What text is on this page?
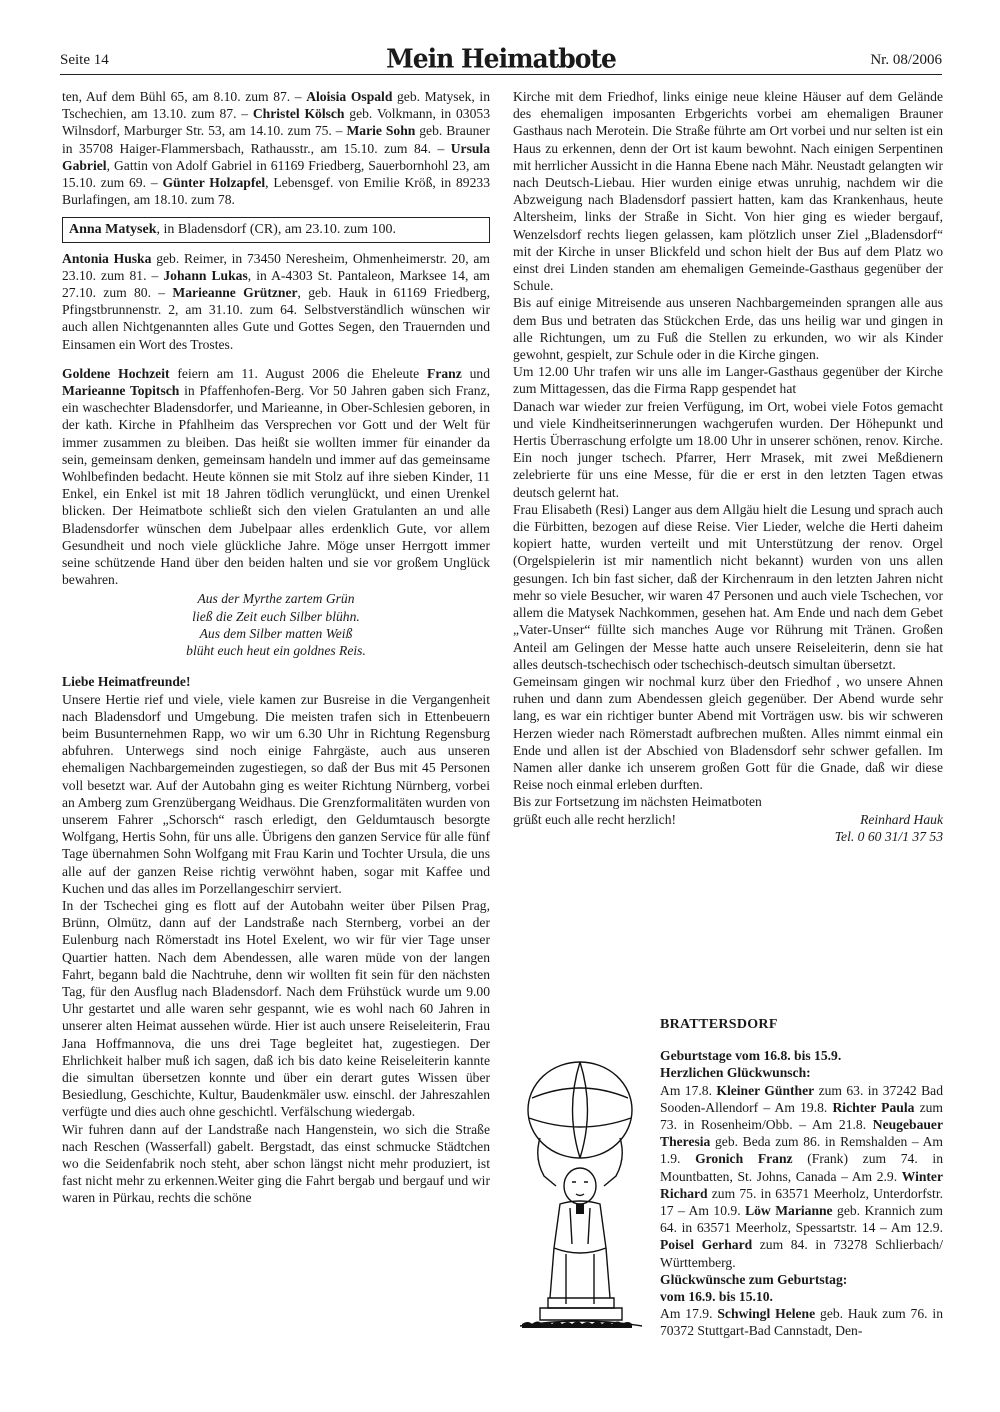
Seite 14	Mein Heimatbote	Nr. 08/2006

ten, Auf dem Bühl 65, am 8.10. zum 87. – Aloisia Ospald geb. Matysek, in Tschechien, am 13.10. zum 87. – Christel Kölsch geb. Volkmann, in 03053 Wilnsdorf, Marburger Str. 53, am 14.10. zum 75. – Marie Sohn geb. Brauner in 35708 Haiger-Flammersbach, Rathausstr., am 15.10. zum 84. – Ursula Gabriel, Gattin von Adolf Gabriel in 61169 Friedberg, Sauerbornhohl 23, am 15.10. zum 69. – Günter Holzapfel, Lebensgef. von Emilie Kröß, in 89233 Burlafingen, am 18.10. zum 78.

Anna Matysek, in Bladensdorf (CR), am 23.10. zum 100.

Antonia Huska geb. Reimer, in 73450 Neresheim, Ohmenheimerstr. 20, am 23.10. zum 81. – Johann Lukas, in A-4303 St. Pantaleon, Marksee 14, am 27.10. zum 80. – Marieanne Grützner, geb. Hauk in 61169 Friedberg, Pfingstbrunnenstr. 2, am 31.10. zum 64. Selbstverständlich wünschen wir auch allen Nichtgenannten alles Gute und Gottes Segen, den Trauernden und Einsamen ein Wort des Trostes.

Goldene Hochzeit feiern am 11. August 2006 die Eheleute Franz und Marieanne Topitsch in Pfaffenhofen-Berg. Vor 50 Jahren gaben sich Franz, ein waschechter Bladensdorfer, und Marieanne, in Ober-Schlesien geboren, in der kath. Kirche in Pfahlheim das Versprechen vor Gott und der Welt für immer zusammen zu bleiben. Das heißt sie wollten immer für einander da sein, gemeinsam denken, gemeinsam handeln und immer auf das gemeinsame Wohlbefinden bedacht. Heute können sie mit Stolz auf ihre sieben Kinder, 11 Enkel, ein Enkel ist mit 18 Jahren tödlich verunglückt, und einen Urenkel blicken. Der Heimatbote schließt sich den vielen Gratulanten an und alle Bladensdorfer wünschen dem Jubelpaar alles erdenklich Gute, vor allem Gesundheit und noch viele glückliche Jahre. Möge unser Herrgott immer seine schützende Hand über den beiden halten und sie vor großem Unglück bewahren.

Aus der Myrthe zartem Grün

ließ die Zeit euch Silber blühn.

Aus dem Silber matten Weiß

blüht euch heut ein goldnes Reis.

Liebe Heimatfreunde!

Unsere Hertie rief und viele, viele kamen zur Busreise in die Vergangenheit nach Bladensdorf und Umgebung. Die meisten trafen sich in Ettenbeuern beim Busunternehmen Rapp, wo wir um 6.30 Uhr in Richtung Regensburg abfuhren. Unterwegs sind noch einige Fahrgäste, auch aus unseren ehemaligen Nachbargemeinden zugestiegen, so daß der Bus mit 45 Personen voll besetzt war. Auf der Autobahn ging es weiter Richtung Nürnberg, vorbei an Amberg zum Grenzübergang Weidhaus. Die Grenzformalitäten wurden von unserem Fahrer „Schorsch“ rasch erledigt, den Geldumtausch besorgte Wolfgang, Hertis Sohn, für uns alle. Übrigens den ganzen Service für alle fünf Tage übernahmen Sohn Wolfgang mit Frau Karin und Tochter Ursula, die uns alle auf der ganzen Reise richtig verwöhnt haben, sogar mit Kaffee und Kuchen und das alles im Porzellangeschirr serviert.

In der Tschechei ging es flott auf der Autobahn weiter über Pilsen Prag, Brünn, Olmütz, dann auf der Landstraße nach Sternberg, vorbei an der Eulenburg nach Römerstadt ins Hotel Exelent, wo wir für vier Tage unser Quartier hatten. Nach dem Abendessen, alle waren müde von der langen Fahrt, begann bald die Nachtruhe, denn wir wollten fit sein für den nächsten Tag, für den Ausflug nach Bladensdorf. Nach dem Frühstück wurde um 9.00 Uhr gestartet und alle waren sehr gespannt, wie es wohl nach 60 Jahren in unserer alten Heimat aussehen würde. Hier ist auch unsere Reiseleiterin, Frau Jana Hoffmannova, die uns drei Tage begleitet hat, zugestiegen. Der Ehrlichkeit halber muß ich sagen, daß ich bis dato keine Reiseleiterin kannte die simultan übersetzen konnte und über ein derart gutes Wissen über Besiedlung, Geschichte, Kultur, Baudenkmäler usw. einschl. der Jahreszahlen verfügte und dies auch ohne geschichtl. Verfälschung wiedergab.

Wir fuhren dann auf der Landstraße nach Hangenstein, wo sich die Straße nach Reschen (Wasserfall) gabelt. Bergstadt, das einst schmucke Städtchen wo die Seidenfabrik noch steht, aber schon längst nicht mehr produziert, ist fast nicht mehr zu erkennen.Weiter ging die Fahrt bergab und bergauf und wir waren in Pürkau, rechts die schöne

Kirche mit dem Friedhof, links einige neue kleine Häuser auf dem Gelände des ehemaligen imposanten Erbgerichts vorbei am ehemaligen Brauner Gasthaus nach Merotein. Die Straße führte am Ort vorbei und nur selten ist ein Haus zu erkennen, denn der Ort ist kaum bewohnt. Nach einigen Serpentinen mit herrlicher Aussicht in die Hanna Ebene nach Mähr. Neustadt gelangten wir nach Deutsch-Liebau. Hier wurden einige etwas unruhig, nachdem wir die Abzweigung nach Bladensdorf passiert hatten, kam das Krankenhaus, heute Altersheim, links der Straße in Sicht. Von hier ging es wieder bergauf, Wenzelsdorf rechts liegen gelassen, kam plötzlich unser Ziel „Bladensdorf“ mit der Kirche in unser Blickfeld und schon hielt der Bus auf dem Platz wo einst drei Linden standen am ehemaligen Gemeinde-Gasthaus gegenüber der Schule.

Bis auf einige Mitreisende aus unseren Nachbargemeinden sprangen alle aus dem Bus und betraten das Stückchen Erde, das uns heilig war und gingen in alle Richtungen, um zu Fuß die Stellen zu erkunden, wo wir als Kinder gewohnt, gespielt, zur Schule oder in die Kirche gingen.

Um 12.00 Uhr trafen wir uns alle im Langer-Gasthaus gegenüber der Kirche zum Mittagessen, das die Firma Rapp gespendet hat

Danach war wieder zur freien Verfügung, im Ort, wobei viele Fotos gemacht und viele Kindheitserinnerungen wachgerufen wurden. Der Höhepunkt und Hertis Überraschung erfolgte um 18.00 Uhr in unserer schönen, renov. Kirche. Ein noch junger tschech. Pfarrer, Herr Mrasek, mit zwei Meßdienern zelebrierte für uns eine Messe, für die er erst in den letzten Tagen etwas deutsch gelernt hat.

Frau Elisabeth (Resi) Langer aus dem Allgäu hielt die Lesung und sprach auch die Fürbitten, bezogen auf diese Reise. Vier Lieder, welche die Herti daheim kopiert hatte, wurden verteilt und mit Unterstützung der renov. Orgel (Orgelspielerin ist mir namentlich nicht bekannt) wurden von uns allen gesungen. Ich bin fast sicher, daß der Kirchenraum in den letzten Jahren nicht mehr so viele Besucher, wir waren 47 Personen und auch viele Tschechen, vor allem die Matysek Nachkommen, gesehen hat. Am Ende und nach dem Gebet „Vater-Unser“ füllte sich manches Auge vor Rührung mit Tränen. Großen Anteil am Gelingen der Messe hatte auch unsere Reiseleiterin, denn sie hat alles deutsch-tschechisch oder tschechisch-deutsch simultan übersetzt.

Gemeinsam gingen wir nochmal kurz über den Friedhof , wo unsere Ahnen ruhen und dann zum Abendessen gleich gegenüber. Der Abend wurde sehr lang, es war ein richtiger bunter Abend mit Vorträgen usw. bis wir schweren Herzen wieder nach Römerstadt aufbrechen mußten. Alles nimmt einmal ein Ende und allen ist der Abschied von Bladensdorf sehr schwer gefallen. Im Namen aller danke ich unserem großen Gott für die Gnade, daß wir diese Reise noch einmal erleben durften.

Bis zur Fortsetzung im nächsten Heimatboten

grüßt euch alle recht herzlich!	Reinhard Hauk
Tel. 0 60 31/1 37 53

BRATTERSDORF

Geburtstage vom 16.8. bis 15.9.

Herzlichen Glückwunsch:

Am 17.8. Kleiner Günther zum 63. in 37242 Bad Sooden-Allendorf – Am 19.8. Richter Paula zum 73. in Rosenheim/Obb. – Am 21.8. Neugebauer Theresia geb. Beda zum 86. in Remshalden – Am 1.9. Gronich Franz (Frank) zum 74. in Mountbatten, St. Johns, Canada – Am 2.9. Winter Richard zum 75. in 63571 Meerholz, Unterdorfstr. 17 – Am 10.9. Löw Marianne geb. Krannich zum 64. in 63571 Meerholz, Spessartstr. 14 – Am 12.9. Poisel Gerhard zum 84. in 73278 Schlierbach/ Württemberg.

Glückwünsche zum Geburtstag:

vom 16.9. bis 15.10.

Am 17.9. Schwingl Helene geb. Hauk zum 76. in 70372 Stuttgart-Bad Cannstadt, Den-
